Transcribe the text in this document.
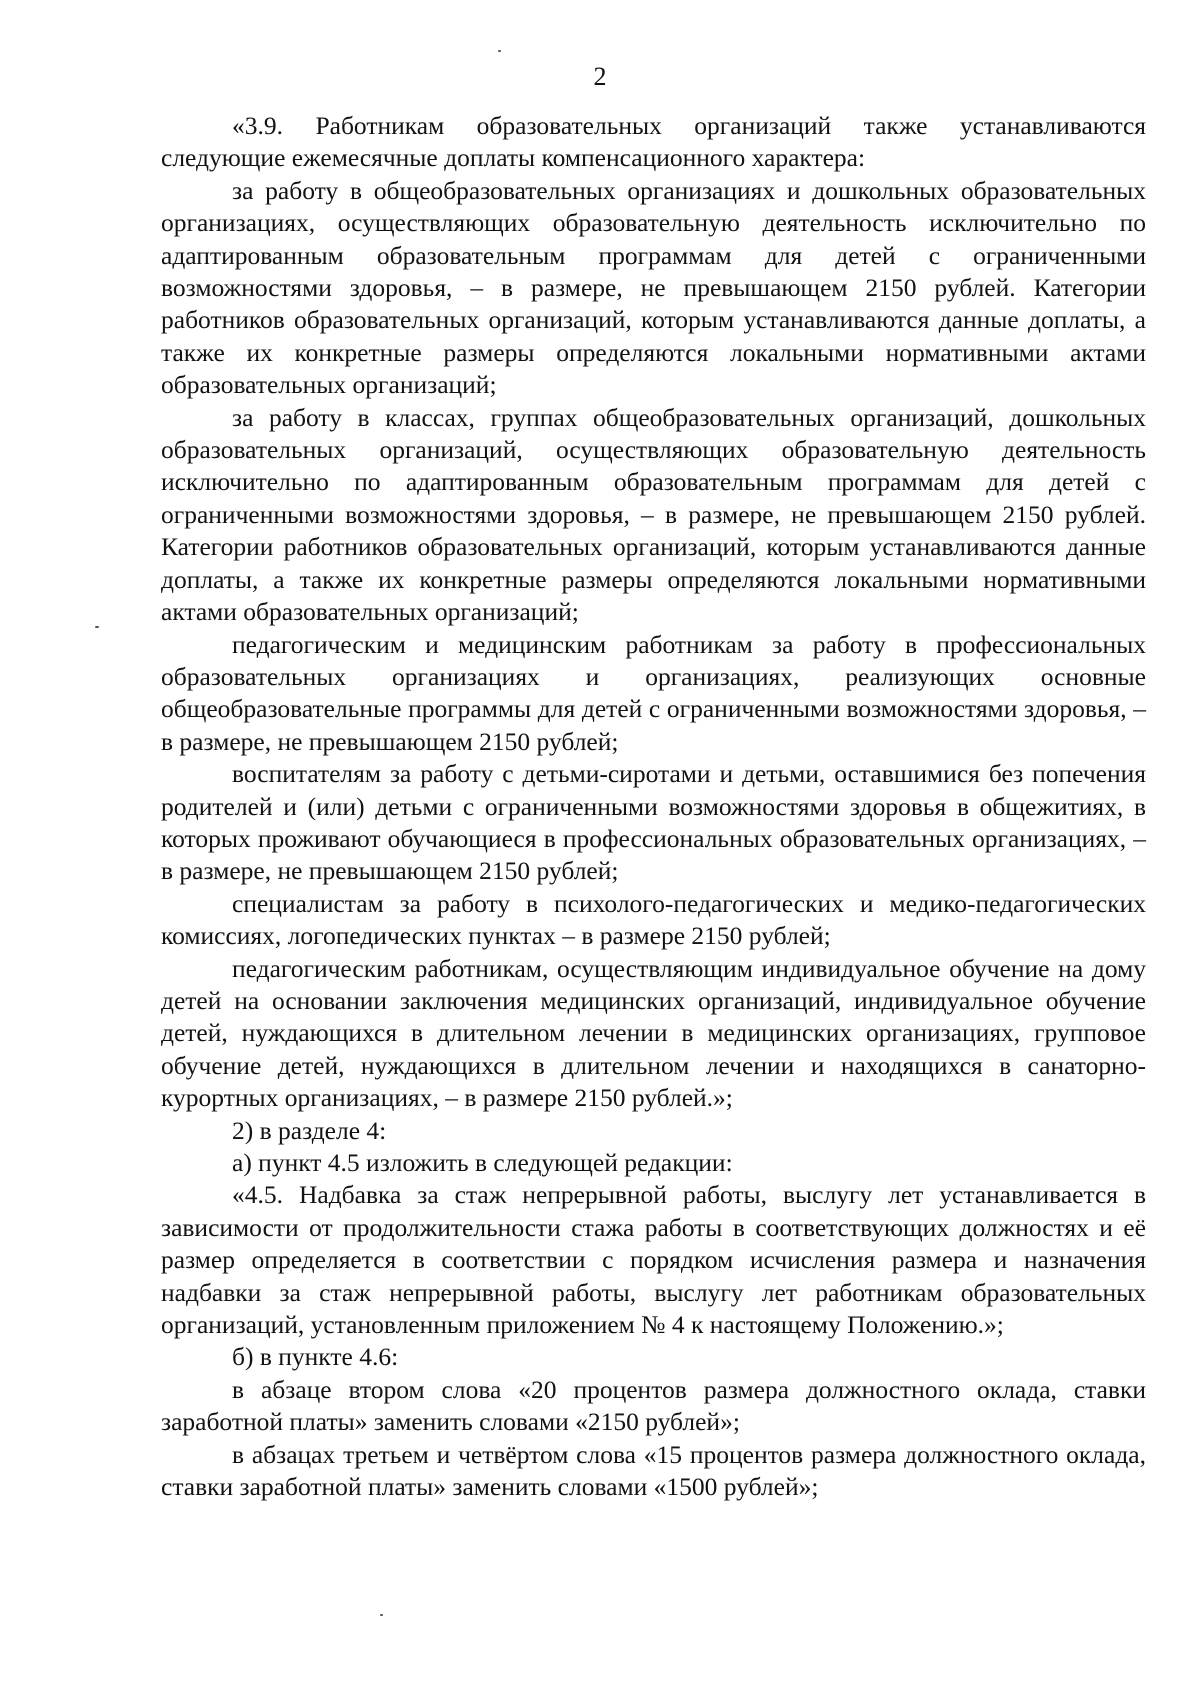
2

«3.9. Работникам образовательных организаций также устанавливаются следующие ежемесячные доплаты компенсационного характера:

за работу в общеобразовательных организациях и дошкольных образовательных организациях, осуществляющих образовательную деятельность исключительно по адаптированным образовательным программам для детей с ограниченными возможностями здоровья, – в размере, не превышающем 2150 рублей. Категории работников образовательных организаций, которым устанавливаются данные доплаты, а также их конкретные размеры определяются локальными нормативными актами образовательных организаций;

за работу в классах, группах общеобразовательных организаций, дошкольных образовательных организаций, осуществляющих образовательную деятельность исключительно по адаптированным образовательным программам для детей с ограниченными возможностями здоровья, – в размере, не превышающем 2150 рублей. Категории работников образовательных организаций, которым устанавливаются данные доплаты, а также их конкретные размеры определяются локальными нормативными актами образовательных организаций;

педагогическим и медицинским работникам за работу в профессиональных образовательных организациях и организациях, реализующих основные общеобразовательные программы для детей с ограниченными возможностями здоровья, – в размере, не превышающем 2150 рублей;

воспитателям за работу с детьми-сиротами и детьми, оставшимися без попечения родителей и (или) детьми с ограниченными возможностями здоровья в общежитиях, в которых проживают обучающиеся в профессиональных образовательных организациях, – в размере, не превышающем 2150 рублей;

специалистам за работу в психолого-педагогических и медико-педагогических комиссиях, логопедических пунктах – в размере 2150 рублей;

педагогическим работникам, осуществляющим индивидуальное обучение на дому детей на основании заключения медицинских организаций, индивидуальное обучение детей, нуждающихся в длительном лечении в медицинских организациях, групповое обучение детей, нуждающихся в длительном лечении и находящихся в санаторно-курортных организациях, – в размере 2150 рублей.»;

2) в разделе 4:

а) пункт 4.5 изложить в следующей редакции:

«4.5. Надбавка за стаж непрерывной работы, выслугу лет устанавливается в зависимости от продолжительности стажа работы в соответствующих должностях и её размер определяется в соответствии с порядком исчисления размера и назначения надбавки за стаж непрерывной работы, выслугу лет работникам образовательных организаций, установленным приложением № 4 к настоящему Положению.»;

б) в пункте 4.6:

в абзаце втором слова «20 процентов размера должностного оклада, ставки заработной платы» заменить словами «2150 рублей»;

в абзацах третьем и четвёртом слова «15 процентов размера должностного оклада, ставки заработной платы» заменить словами «1500 рублей»;
